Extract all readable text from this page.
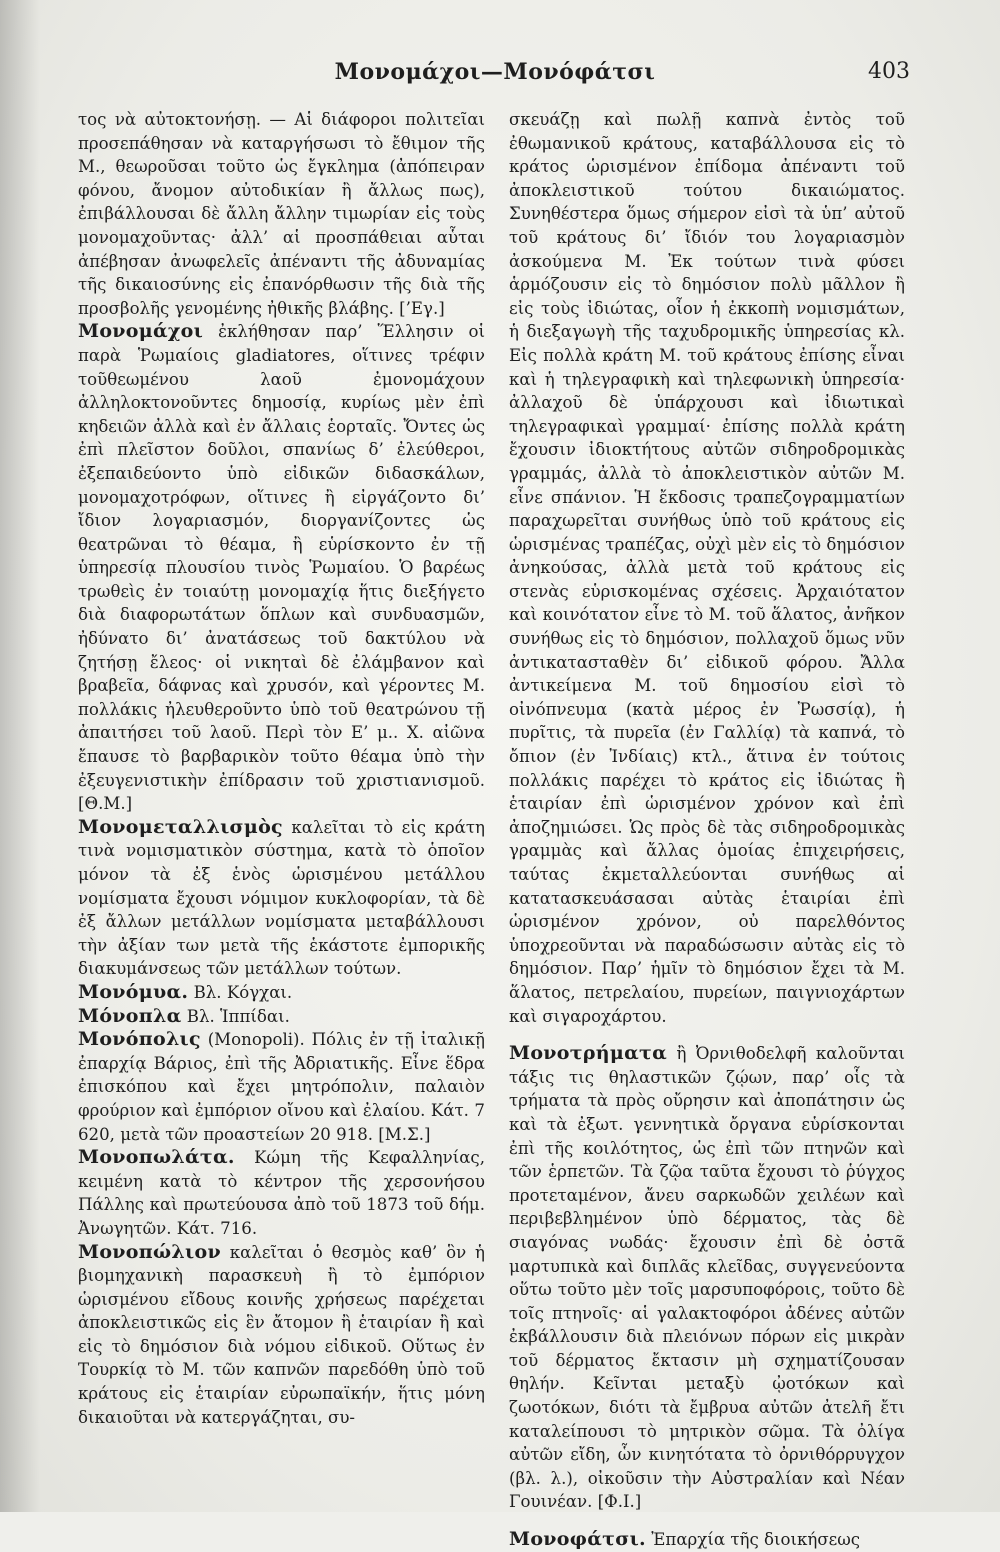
Μονομάχοι—Μονόφάτσι	403

τος νὰ αὐτοκτονήσῃ. — Αἱ διάφοροι πολιτεῖαι προσεπάθησαν νὰ καταργήσωσι τὸ ἔθιμον τῆς Μ., θεωροῦσαι τοῦτο ὡς ἔγκλημα (ἀπόπειραν φόνου, ἄνομον αὐτοδικίαν ἢ ἄλλως πως), ἐπιβάλλουσαι δὲ ἄλλη ἄλλην τιμωρίαν εἰς τοὺς μονομαχοῦντας· ἀλλ’ αἱ προσπάθειαι αὗται ἀπέβησαν ἀνωφελεῖς ἀπέναντι τῆς ἀδυναμίας τῆς δικαιοσύνης εἰς ἐπανόρθωσιν τῆς διὰ τῆς προσβολῆς γενομένης ἠθικῆς βλάβης. [’Εγ.]

Μονομάχοι ἐκλήθησαν παρ’ Ἕλλησιν οἱ παρὰ Ῥωμαίοις gladiatores, οἵτινες τρέφιν τοῦθεωμένου λαοῦ ἐμονομάχουν ἀλληλοκτονοῦντες δημοσίᾳ, κυρίως μὲν ἐπὶ κηδειῶν ἀλλὰ καὶ ἐν ἄλλαις ἑορταῖς. Ὄντες ὡς ἐπὶ πλεῖστον δοῦλοι, σπανίως δ’ ἐλεύθεροι, ἐξεπαιδεύοντο ὑπὸ εἰδικῶν διδασκάλων, μονομαχοτρόφων, οἵτινες ἢ εἰργάζοντο δι’ ἴδιον λογαριασμόν, διοργανίζοντες ὡς θεατρῶναι τὸ θέαμα, ἢ εὑρίσκοντο ἐν τῇ ὑπηρεσίᾳ πλουσίου τινὸς Ῥωμαίου. Ὁ βαρέως τρωθεὶς ἐν τοιαύτῃ μονομαχίᾳ ἥτις διεξήγετο διὰ διαφορωτάτων ὅπλων καὶ συνδυασμῶν, ἠδύνατο δι’ ἀνατάσεως τοῦ δακτύλου νὰ ζητήσῃ ἔλεος· οἱ νικηταὶ δὲ ἐλάμβανον καὶ βραβεῖα, δάφνας καὶ χρυσόν, καὶ γέροντες Μ. πολλάκις ἠλευθεροῦντο ὑπὸ τοῦ θεατρώνου τῇ ἀπαιτήσει τοῦ λαοῦ. Περὶ τὸν Ε’ μ.. Χ. αἰῶνα ἔπαυσε τὸ βαρβαρικὸν τοῦτο θέαμα ὑπὸ τὴν ἐξευγενιστικὴν ἐπίδρασιν τοῦ χριστιανισμοῦ. [Θ.Μ.]

Μονομεταλλισμὸς καλεῖται τὸ εἰς κράτη τινὰ νομισματικὸν σύστημα, κατὰ τὸ ὁποῖον μόνον τὰ ἐξ ἑνὸς ὡρισμένου μετάλλου νομίσματα ἔχουσι νόμιμον κυκλοφορίαν, τὰ δὲ ἐξ ἄλλων μετάλλων νομίσματα μεταβάλλουσι τὴν ἀξίαν των μετὰ τῆς ἑκάστοτε ἐμπορικῆς διακυμάνσεως τῶν μετάλλων τούτων.

Μονόμυα. Βλ. Κόγχαι.

Μόνοπλα Βλ. Ἱππίδαι.

Μονόπολις (Monopoli). Πόλις ἐν τῇ ἰταλικῇ ἐπαρχίᾳ Βάριος, ἐπὶ τῆς Ἀδριατικῆς. Εἶνε ἕδρα ἐπισκόπου καὶ ἔχει μητρόπολιν, παλαιὸν φρούριον καὶ ἐμπόριον οἴνου καὶ ἐλαίου. Κάτ. 7 620, μετὰ τῶν προαστείων 20 918. [Μ.Σ.]

Μονοπωλάτα. Κώμη τῆς Κεφαλληνίας, κειμένη κατὰ τὸ κέντρον τῆς χερσονήσου Πάλλης καὶ πρωτεύουσα ἀπὸ τοῦ 1873 τοῦ δήμ. Ἀνωγητῶν. Κάτ. 716.

Μονοπώλιον καλεῖται ὁ θεσμὸς καθ’ ὃν ἡ βιομηχανικὴ παρασκευὴ ἢ τὸ ἐμπόριον ὡρισμένου εἴδους κοινῆς χρήσεως παρέχεται ἀποκλειστικῶς εἰς ἓν ἄτομον ἢ ἑταιρίαν ἢ καὶ εἰς τὸ δημόσιον διὰ νόμου εἰδικοῦ. Οὕτως ἐν Τουρκίᾳ τὸ Μ. τῶν καπνῶν παρεδόθη ὑπὸ τοῦ κράτους εἰς ἑταιρίαν εὐρωπαϊκήν, ἥτις μόνη δικαιοῦται νὰ κατεργάζηται, συ-

σκευάζῃ καὶ πωλῇ καπνὰ ἐντὸς τοῦ ἐθωμανικοῦ κράτους, καταβάλλουσα εἰς τὸ κράτος ὡρισμένον ἐπίδομα ἀπέναντι τοῦ ἀποκλειστικοῦ τούτου δικαιώματος. Συνηθέστερα ὅμως σήμερον εἰσὶ τὰ ὑπ’ αὐτοῦ τοῦ κράτους δι’ ἴδιόν του λογαριασμὸν ἀσκούμενα Μ. Ἐκ τούτων τινὰ φύσει ἁρμόζουσιν εἰς τὸ δημόσιον πολὺ μᾶλλον ἢ εἰς τοὺς ἰδιώτας, οἷον ἡ ἐκκοπὴ νομισμάτων, ἡ διεξαγωγὴ τῆς ταχυδρομικῆς ὑπηρεσίας κλ. Εἰς πολλὰ κράτη Μ. τοῦ κράτους ἐπίσης εἶναι καὶ ἡ τηλεγραφικὴ καὶ τηλεφωνικὴ ὑπηρεσία· ἀλλαχοῦ δὲ ὑπάρχουσι καὶ ἰδιωτικαὶ τηλεγραφικαὶ γραμμαί· ἐπίσης πολλὰ κράτη ἔχουσιν ἰδιοκτήτους αὐτῶν σιδηροδρομικὰς γραμμάς, ἀλλὰ τὸ ἀποκλειστικὸν αὐτῶν Μ. εἶνε σπάνιον. Ἡ ἔκδοσις τραπεζογραμματίων παραχωρεῖται συνήθως ὑπὸ τοῦ κράτους εἰς ὡρισμένας τραπέζας, οὐχὶ μὲν εἰς τὸ δημόσιον ἀνηκούσας, ἀλλὰ μετὰ τοῦ κράτους εἰς στενὰς εὑρισκομένας σχέσεις. Ἀρχαιότατον καὶ κοινότατον εἶνε τὸ Μ. τοῦ ἅλατος, ἀνῆκον συνήθως εἰς τὸ δημόσιον, πολλαχοῦ ὅμως νῦν ἀντικατασταθὲν δι’ εἰδικοῦ φόρου. Ἄλλα ἀντικείμενα Μ. τοῦ δημοσίου εἰσὶ τὸ οἰνόπνευμα (κατὰ μέρος ἐν Ῥωσσίᾳ), ἡ πυρῖτις, τὰ πυρεῖα (ἐν Γαλλίᾳ) τὰ καπνά, τὸ ὄπιον (ἐν Ἰνδίαις) κτλ., ἅτινα ἐν τούτοις πολλάκις παρέχει τὸ κράτος εἰς ἰδιώτας ἢ ἑταιρίαν ἐπὶ ὡρισμένον χρόνον καὶ ἐπὶ ἀποζημιώσει. Ὡς πρὸς δὲ τὰς σιδηροδρομικὰς γραμμὰς καὶ ἄλλας ὁμοίας ἐπιχειρήσεις, ταύτας ἐκμεταλλεύονται συνήθως αἱ κατατασκευάσασαι αὐτὰς ἑταιρίαι ἐπὶ ὡρισμένον χρόνον, οὐ παρελθόντος ὑποχρεοῦνται νὰ παραδώσωσιν αὐτὰς εἰς τὸ δημόσιον. Παρ’ ἡμῖν τὸ δημόσιον ἔχει τὰ Μ. ἅλατος, πετρελαίου, πυρείων, παιγνιοχάρτων καὶ σιγαροχάρτου.

Μονοτρήματα ἢ Ὀρνιθοδελφῆ καλοῦνται τάξις τις θηλαστικῶν ζῴων, παρ’ οἷς τὰ τρήματα τὰ πρὸς οὔρησιν καὶ ἀποπάτησιν ὡς καὶ τὰ ἐξωτ. γεννητικὰ ὄργανα εὑρίσκονται ἐπὶ τῆς κοιλότητος, ὡς ἐπὶ τῶν πτηνῶν καὶ τῶν ἑρπετῶν. Τὰ ζῷα ταῦτα ἔχουσι τὸ ῥύγχος προτεταμένον, ἄνευ σαρκωδῶν χειλέων καὶ περιβεβλημένον ὑπὸ δέρματος, τὰς δὲ σιαγόνας νωδάς· ἔχουσιν ἐπὶ δὲ ὀστᾶ μαρτυπικὰ καὶ διπλᾶς κλεῖδας, συγγενεύοντα οὕτω τοῦτο μὲν τοῖς μαρσυποφόροις, τοῦτο δὲ τοῖς πτηνοῖς· αἱ γαλακτοφόροι ἀδένες αὐτῶν ἐκβάλλουσιν διὰ πλειόνων πόρων εἰς μικρὰν τοῦ δέρματος ἔκτασιν μὴ σχηματίζουσαν θηλήν. Κεῖνται μεταξὺ ᾠοτόκων καὶ ζωοτόκων, διότι τὰ ἔμβρυα αὐτῶν ἀτελῆ ἔτι καταλείπουσι τὸ μητρικὸν σῶμα. Τὰ ὀλίγα αὐτῶν εἴδη, ὧν κινητότατα τὸ ὀρνιθόρρυγχον (βλ. λ.), οἰκοῦσιν τὴν Αὐστραλίαν καὶ Νέαν Γουινέαν. [Φ.Ι.]

Μονοφάτσι. Ἐπαρχία τῆς διοικήσεως
